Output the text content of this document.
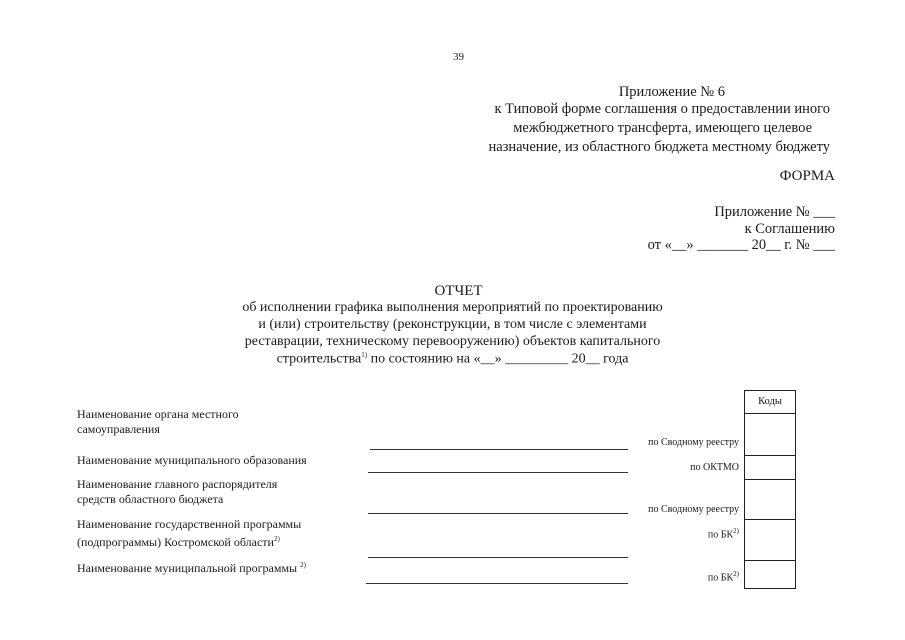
39
Приложение № 6
к Типовой форме соглашения о предоставлении иного
межбюджетного трансферта, имеющего целевое
назначение, из областного бюджета местному бюджету
ФОРМА
Приложение № ___
к Соглашению
от «__» _______ 20__ г. № ___
ОТЧЕТ
об исполнении графика выполнения мероприятий по проектированию
и (или) строительству (реконструкции, в том числе с элементами
реставрации, техническому перевооружению) объектов капитального
строительства$^{1)}$ по состоянию на «__» _________ 20__ года
Наименование органа местного
самоуправления
Наименование муниципального образования
Наименование главного распорядителя
средств областного бюджета
Наименование государственной программы
(подпрограммы) Костромской области$^{2)}$
Наименование муниципальной программы $^{2)}$
по Сводному реестру
по ОКТМО
по Сводному реестру
по БК$^{2)}$
по БК$^{2)}$
Коды
